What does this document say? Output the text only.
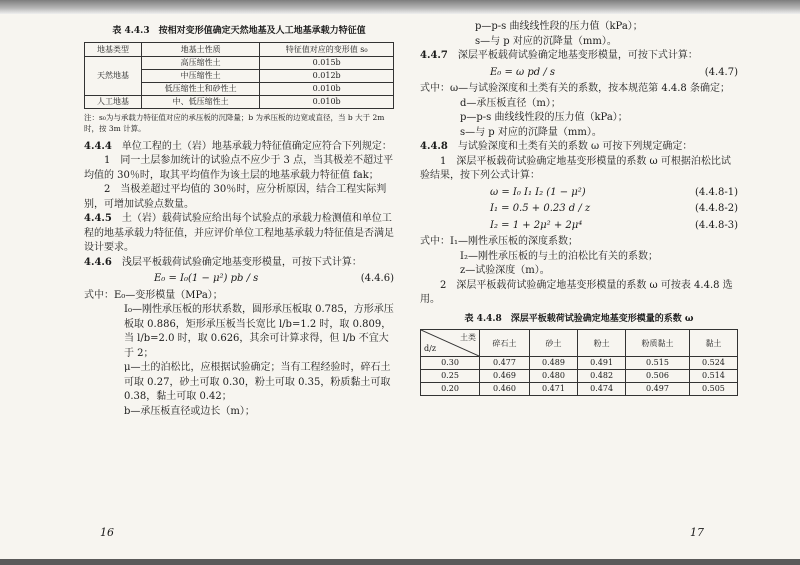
表 4.4.3　按相对变形值确定天然地基及人工地基承载力特征值
地基类型	地基土性质	特征值对应的变形值 s₀
天然地基	高压缩性土	0.015b
	中压缩性土	0.012b
	低压缩性土和砂性土	0.010b
人工地基	中、低压缩性土	0.010b
注：s₀为与承载力特征值对应的承压板的沉降量；b 为承压板的边宽或直径，当 b 大于 2m 时，按 3m 计算。

4.4.4　 单位工程的土（岩）地基承载力特征值确定应符合下列规定：

1　同一土层参加统计的试验点不应少于 3 点，当其极差不超过平均值的 30％时，取其平均值作为该土层的地基承载力特征值 fak；

2　当极差超过平均值的 30％时，应分析原因，结合工程实际判别，可增加试验点数量。

4.4.5　 土（岩）载荷试验应给出每个试验点的承载力检测值和单位工程的地基承载力特征值，并应评价单位工程地基承载力特征值是否满足设计要求。

4.4.6　 浅层平板载荷试验确定地基变形模量，可按下式计算：

E₀ = I₀(1 − μ²) pb / s	(4.4.6)

式中：E₀—变形模量（MPa）；

I₀—刚性承压板的形状系数，圆形承压板取 0.785，方形承压板取 0.886，矩形承压板当长宽比 l/b=1.2 时，取 0.809，当 l/b=2.0 时，取 0.626，其余可计算求得，但 l/b 不宜大于 2；

μ—土的泊松比，应根据试验确定；当有工程经验时，碎石土可取 0.27，砂土可取 0.30，粉土可取 0.35，粉质黏土可取 0.38，黏土可取 0.42；

b—承压板直径或边长（m）；

16

p—p-s 曲线线性段的压力值（kPa）；

s—与 p 对应的沉降量（mm）。

4.4.7　 深层平板载荷试验确定地基变形模量，可按下式计算：

E₀ = ω pd / s	(4.4.7)

式中：ω—与试验深度和土类有关的系数，按本规范第 4.4.8 条确定；

d—承压板直径（m）；

p—p-s 曲线线性段的压力值（kPa）；

s—与 p 对应的沉降量（mm）。

4.4.8　 与试验深度和土类有关的系数 ω 可按下列规定确定：

1　深层平板载荷试验确定地基变形模量的系数 ω 可根据泊松比试验结果，按下列公式计算：

ω = I₀ I₁ I₂ (1 − μ²)	(4.4.8-1)
I₁ = 0.5 + 0.23 d / z	(4.4.8-2)
I₂ = 1 + 2μ² + 2μ⁴	(4.4.8-3)

式中：I₁—刚性承压板的深度系数；

I₂—刚性承压板的与土的泊松比有关的系数；

z—试验深度（m）。

2　深层平板载荷试验确定地基变形模量的系数 ω 可按表 4.4.8 选用。

表 4.4.8　深层平板载荷试验确定地基变形模量的系数 ω
土类
d/z	碎石土	砂土	粉土	粉质黏土	黏土
0.30	0.477	0.489	0.491	0.515	0.524
0.25	0.469	0.480	0.482	0.506	0.514
0.20	0.460	0.471	0.474	0.497	0.505
17
